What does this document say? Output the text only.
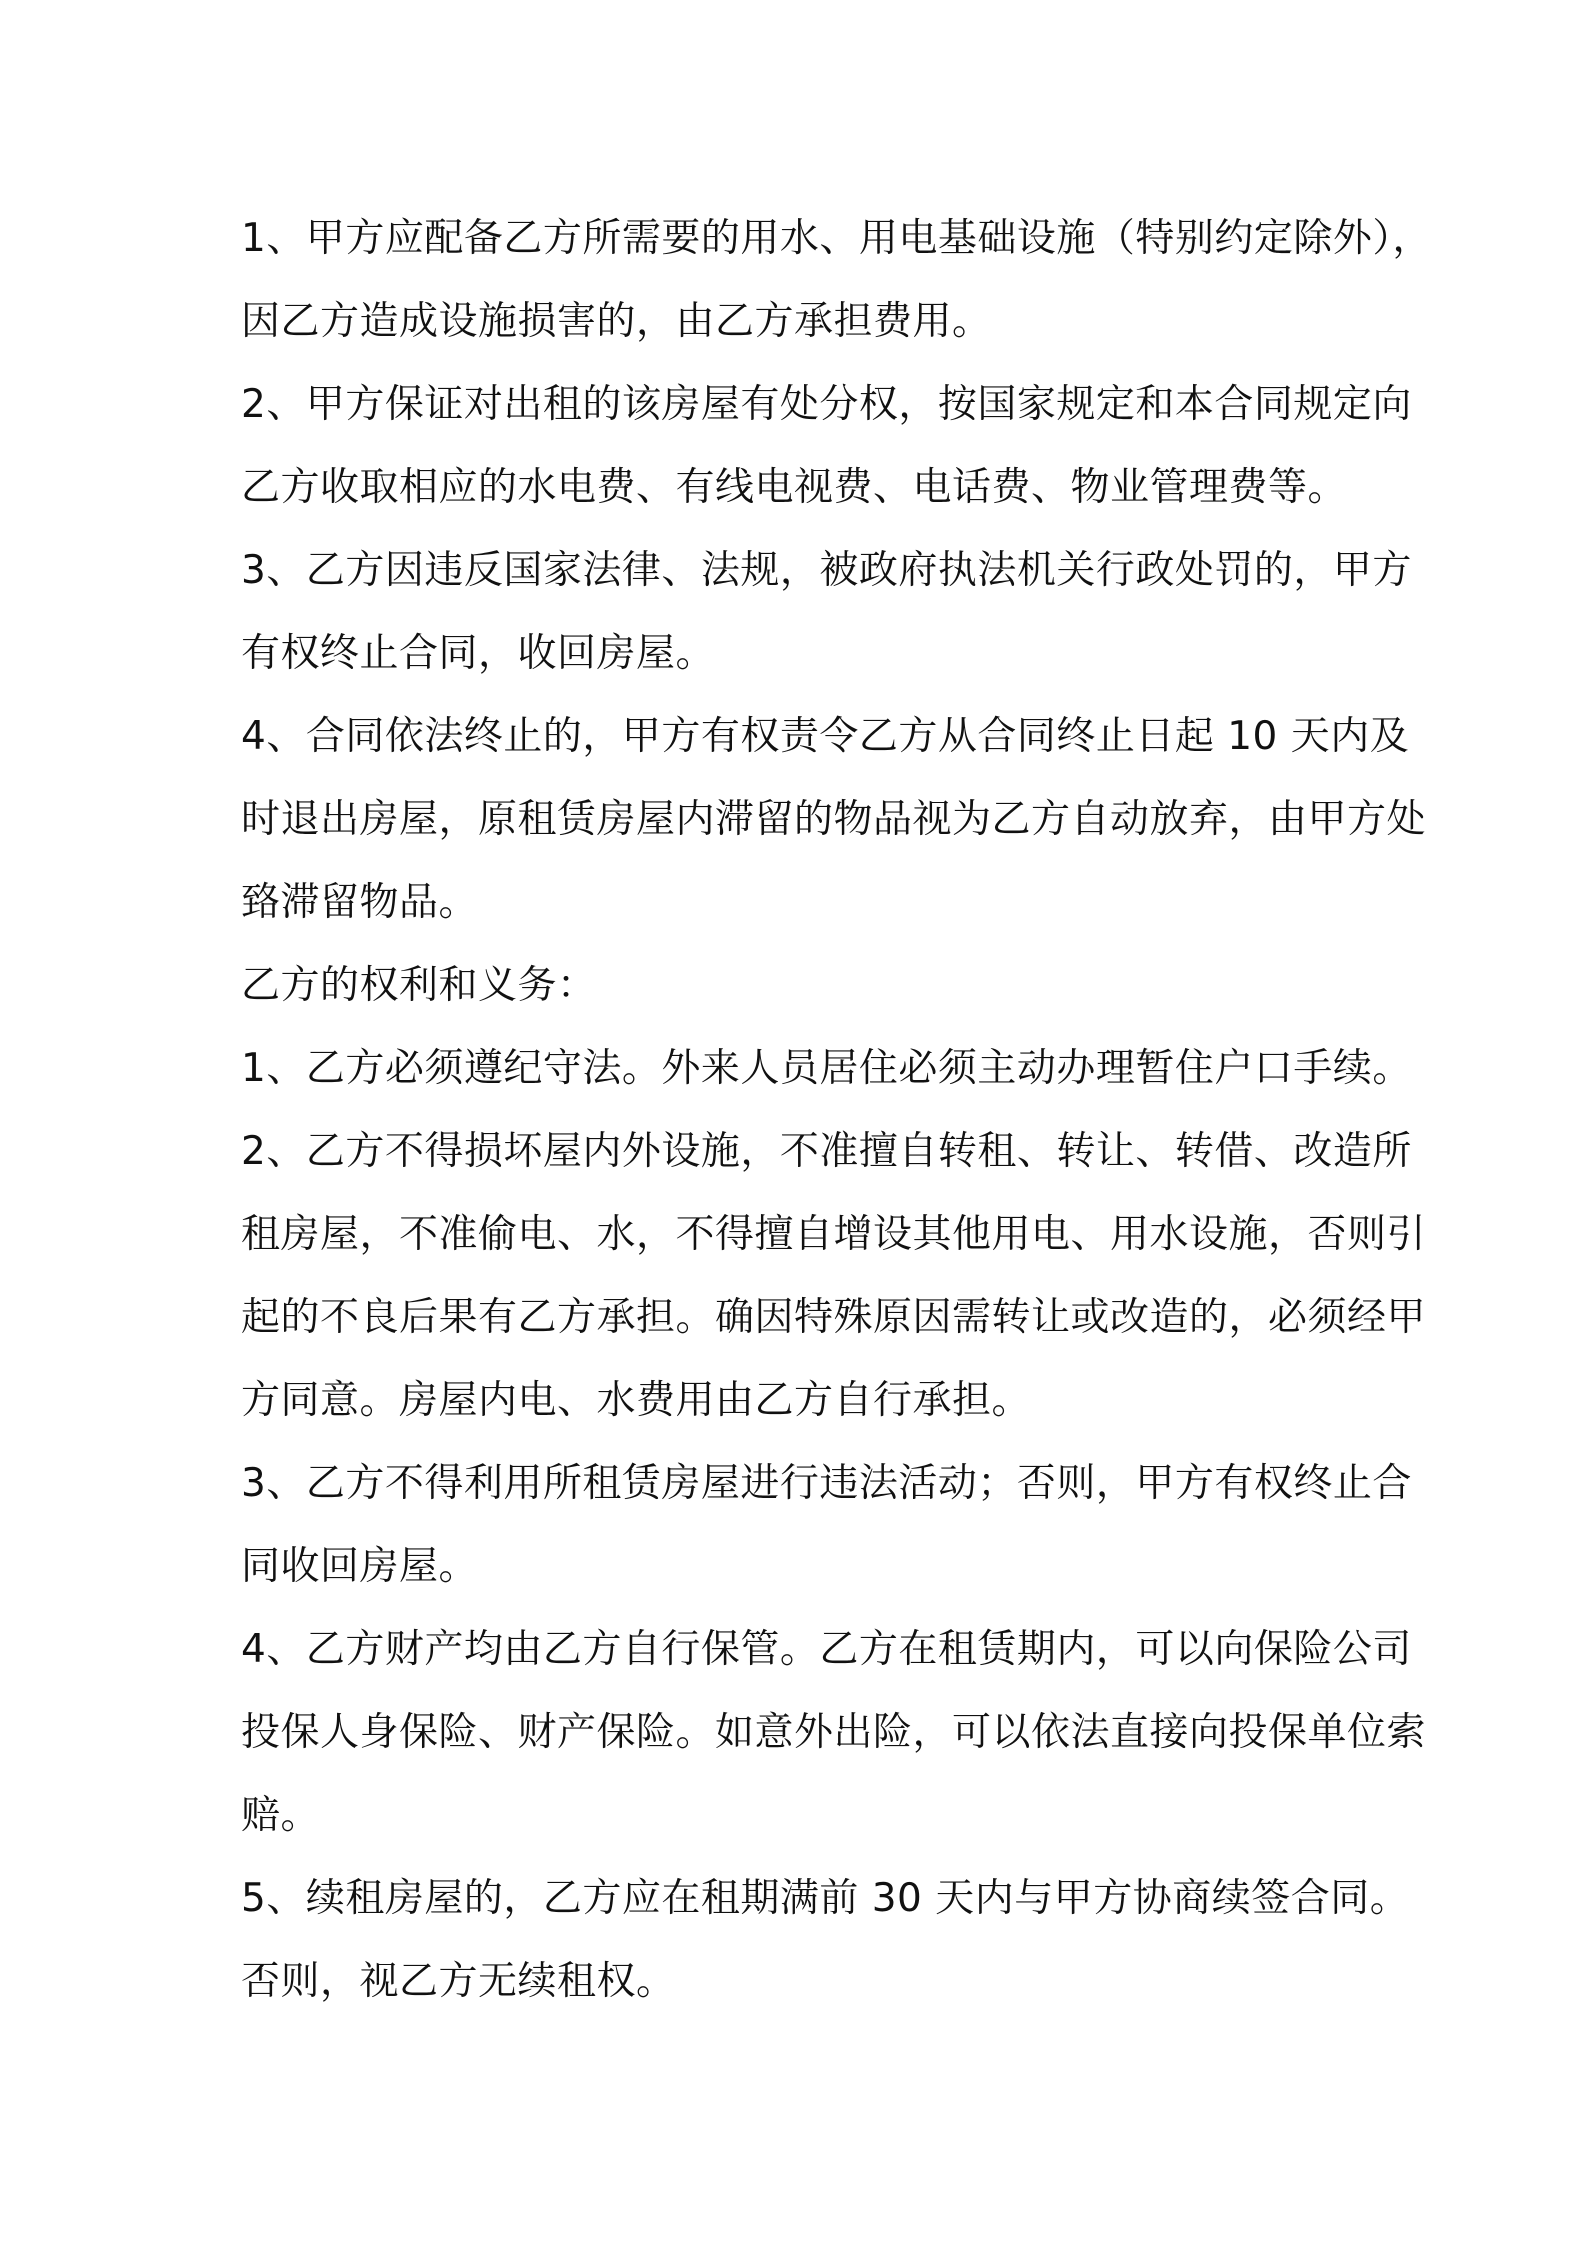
1、甲方应配备乙方所需要的用水、用电基础设施（特别约定除外），
因乙方造成设施损害的，由乙方承担费用。

2、甲方保证对出租的该房屋有处分权，按国家规定和本合同规定向
乙方收取相应的水电费、有线电视费、电话费、物业管理费等。

3、乙方因违反国家法律、法规，被政府执法机关行政处罚的，甲方
有权终止合同，收回房屋。

4、合同依法终止的，甲方有权责令乙方从合同终止日起 10 天内及
时退出房屋，原租赁房屋内滞留的物品视为乙方自动放弃，由甲方处
臵滞留物品。

乙方的权利和义务：

1、乙方必须遵纪守法。外来人员居住必须主动办理暂住户口手续。

2、乙方不得损坏屋内外设施，不准擅自转租、转让、转借、改造所
租房屋，不准偷电、水，不得擅自增设其他用电、用水设施，否则引
起的不良后果有乙方承担。确因特殊原因需转让或改造的，必须经甲
方同意。房屋内电、水费用由乙方自行承担。

3、乙方不得利用所租赁房屋进行违法活动；否则，甲方有权终止合
同收回房屋。

4、乙方财产均由乙方自行保管。乙方在租赁期内，可以向保险公司
投保人身保险、财产保险。如意外出险，可以依法直接向投保单位索
赔。

5、续租房屋的，乙方应在租期满前 30 天内与甲方协商续签合同。
否则，视乙方无续租权。
